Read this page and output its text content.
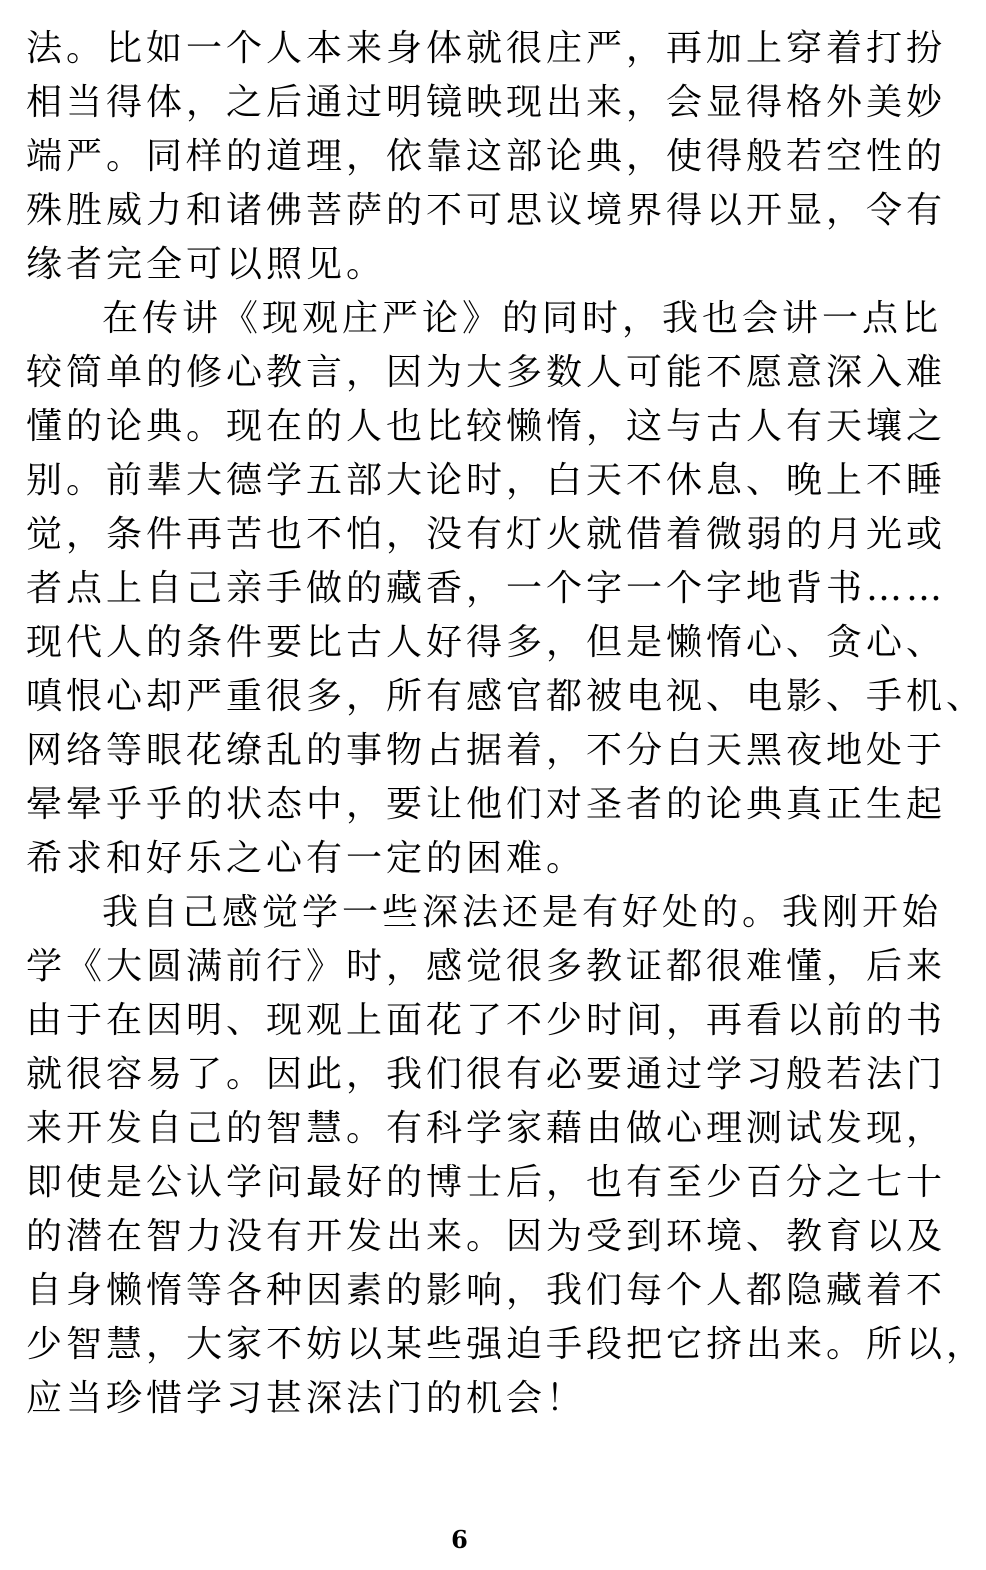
法。比如一个人本来身体就很庄严，再加上穿着打扮
相当得体，之后通过明镜映现出来，会显得格外美妙
端严。同样的道理，依靠这部论典，使得般若空性的
殊胜威力和诸佛菩萨的不可思议境界得以开显，令有
缘者完全可以照见。
在传讲《现观庄严论》的同时，我也会讲一点比
较简单的修心教言，因为大多数人可能不愿意深入难
懂的论典。现在的人也比较懒惰，这与古人有天壤之
别。前辈大德学五部大论时，白天不休息、晚上不睡
觉，条件再苦也不怕，没有灯火就借着微弱的月光或
者点上自己亲手做的藏香，一个字一个字地背书……
现代人的条件要比古人好得多，但是懒惰心、贪心、
嗔恨心却严重很多，所有感官都被电视、电影、手机、
网络等眼花缭乱的事物占据着，不分白天黑夜地处于
晕晕乎乎的状态中，要让他们对圣者的论典真正生起
希求和好乐之心有一定的困难。
我自己感觉学一些深法还是有好处的。我刚开始
学《大圆满前行》时，感觉很多教证都很难懂，后来
由于在因明、现观上面花了不少时间，再看以前的书
就很容易了。因此，我们很有必要通过学习般若法门
来开发自己的智慧。有科学家藉由做心理测试发现，
即使是公认学问最好的博士后，也有至少百分之七十
的潜在智力没有开发出来。因为受到环境、教育以及
自身懒惰等各种因素的影响，我们每个人都隐藏着不
少智慧，大家不妨以某些强迫手段把它挤出来。所以，
应当珍惜学习甚深法门的机会！
6
